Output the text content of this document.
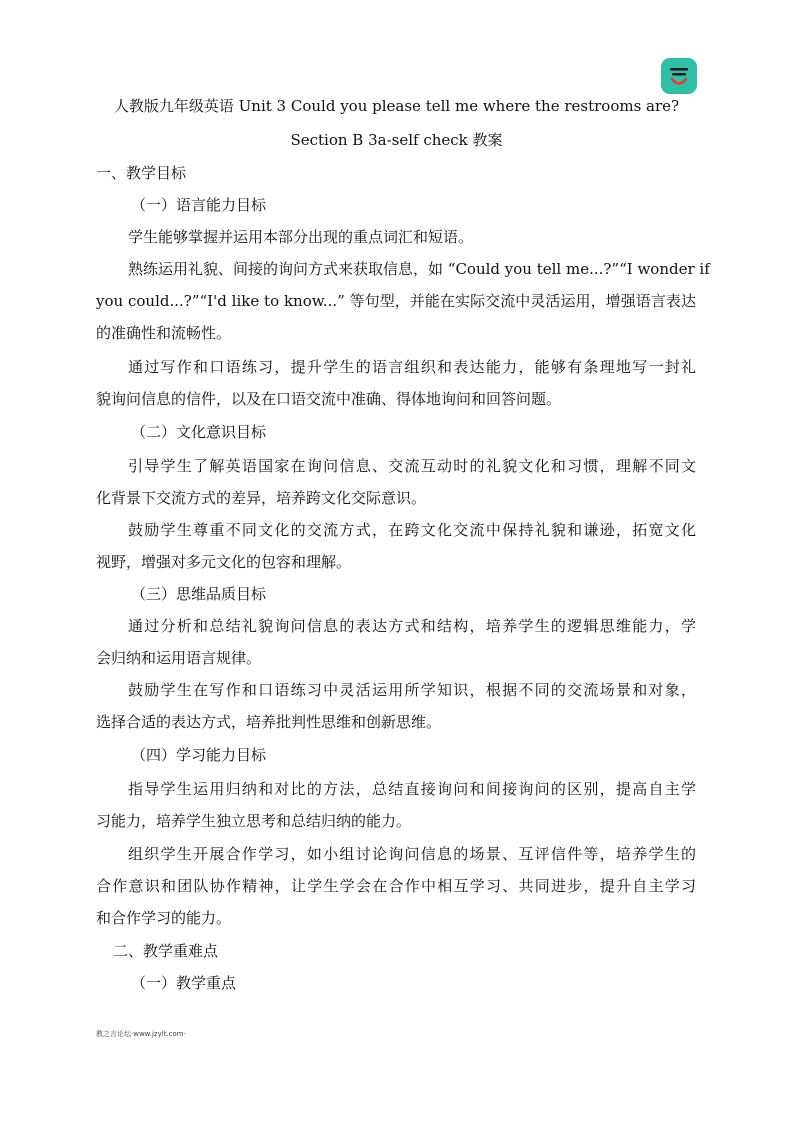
人教版九年级英语 Unit 3 Could you please tell me where the restrooms are?
Section B 3a-self check 教案

一、教学目标

（一）语言能力目标

学生能够掌握并运用本部分出现的重点词汇和短语。

熟练运用礼貌、间接的询问方式来获取信息，如 “Could you tell me...?”“I wonder if

you could...?”“I'd like to know...” 等句型，并能在实际交流中灵活运用，增强语言表达

的准确性和流畅性。

通过写作和口语练习，提升学生的语言组织和表达能力，能够有条理地写一封礼

貌询问信息的信件，以及在口语交流中准确、得体地询问和回答问题。

（二）文化意识目标

引导学生了解英语国家在询问信息、交流互动时的礼貌文化和习惯，理解不同文

化背景下交流方式的差异，培养跨文化交际意识。

鼓励学生尊重不同文化的交流方式，在跨文化交流中保持礼貌和谦逊，拓宽文化

视野，增强对多元文化的包容和理解。

（三）思维品质目标

通过分析和总结礼貌询问信息的表达方式和结构，培养学生的逻辑思维能力，学

会归纳和运用语言规律。

鼓励学生在写作和口语练习中灵活运用所学知识，根据不同的交流场景和对象，

选择合适的表达方式，培养批判性思维和创新思维。

（四）学习能力目标

指导学生运用归纳和对比的方法，总结直接询问和间接询问的区别，提高自主学

习能力，培养学生独立思考和总结归纳的能力。

组织学生开展合作学习，如小组讨论询问信息的场景、互评信件等，培养学生的

合作意识和团队协作精神，让学生学会在合作中相互学习、共同进步，提升自主学习

和合作学习的能力。

二、教学重难点

（一）教学重点

教之言论坛·www.jzylt.com·
